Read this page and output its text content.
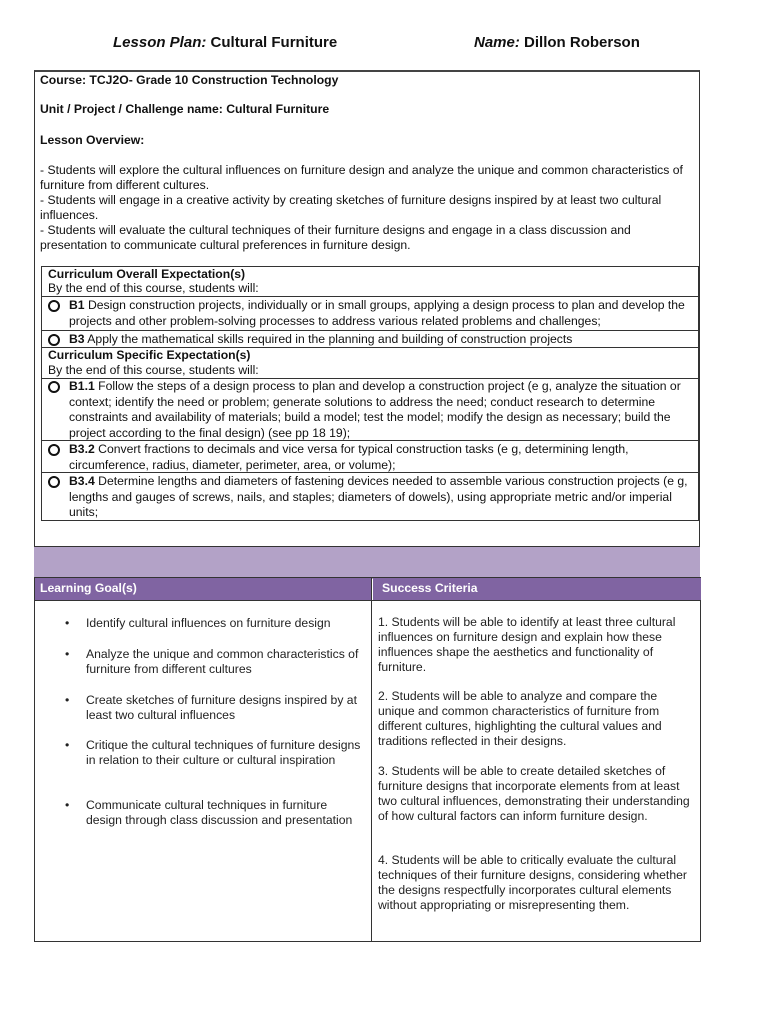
Lesson Plan: Cultural Furniture	Name: Dillon Roberson
Course: TCJ2O- Grade 10 Construction Technology
Unit / Project / Challenge name: Cultural Furniture
Lesson Overview:

- Students will explore the cultural influences on furniture design and analyze the unique and common characteristics of furniture from different cultures.

- Students will engage in a creative activity by creating sketches of furniture designs inspired by at least two cultural influences.

- Students will evaluate the cultural techniques of their furniture designs and engage in a class discussion and presentation to communicate cultural preferences in furniture design.

Curriculum Overall Expectation(s)
By the end of this course, students will:
B1 Design construction projects, individually or in small groups, applying a design process to plan and develop the projects and other problem-solving processes to address various related problems and challenges;
B3 Apply the mathematical skills required in the planning and building of construction projects
Curriculum Specific Expectation(s)
By the end of this course, students will:
B1.1 Follow the steps of a design process to plan and develop a construction project (e g, analyze the situation or context; identify the need or problem; generate solutions to address the need; conduct research to determine constraints and availability of materials; build a model; test the model; modify the design as necessary; build the project according to the final design) (see pp 18 19);
B3.2 Convert fractions to decimals and vice versa for typical construction tasks (e g, determining length, circumference, radius, diameter, perimeter, area, or volume);
B3.4 Determine lengths and diameters of fastening devices needed to assemble various construction projects (e g, lengths and gauges of screws, nails, and staples; diameters of dowels), using appropriate metric and/or imperial units;
Learning Goal(s)	Success Criteria
• Identify cultural influences on furniture design
• Analyze the unique and common characteristics of furniture from different cultures
• Create sketches of furniture designs inspired by at least two cultural influences
• Critique the cultural techniques of furniture designs in relation to their culture or cultural inspiration
• Communicate cultural techniques in furniture design through class discussion and presentation
1. Students will be able to identify at least three cultural influences on furniture design and explain how these influences shape the aesthetics and functionality of furniture.
2. Students will be able to analyze and compare the unique and common characteristics of furniture from different cultures, highlighting the cultural values and traditions reflected in their designs.
3. Students will be able to create detailed sketches of furniture designs that incorporate elements from at least two cultural influences, demonstrating their understanding of how cultural factors can inform furniture design.
4. Students will be able to critically evaluate the cultural techniques of their furniture designs, considering whether the designs respectfully incorporates cultural elements without appropriating or misrepresenting them.
